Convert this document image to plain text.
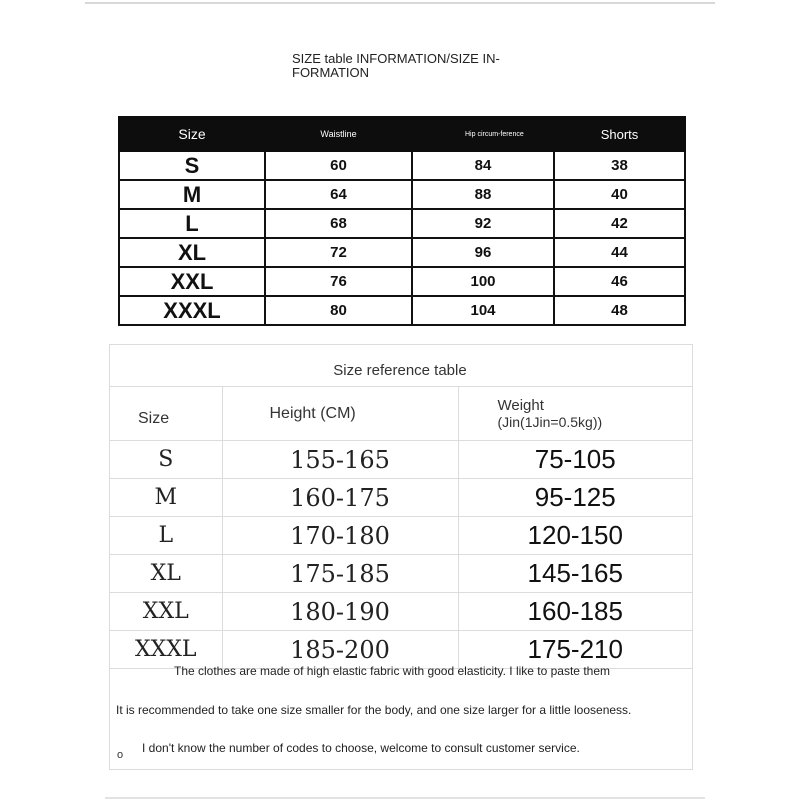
SIZE table INFORMATION/SIZE IN-FORMATION
Size	Waistline	Hip circum-ference	Shorts
S	60	84	38
M	64	88	40
L	68	92	42
XL	72	96	44
XXL	76	100	46
XXXL	80	104	48
Size reference table
Size	Height (CM)	Weight
(Jin(1Jin=0.5kg))

S	155-165	75-105
M	160-175	95-125
L	170-180	120-150
XL	175-185	145-165
XXL	180-190	160-185
XXXL	185-200	175-210
The clothes are made of high elastic fabric with good elasticity. I like to paste them
It is recommended to take one size smaller for the body, and one size larger for a little looseness.
o I don't know the number of codes to choose, welcome to consult customer service.
